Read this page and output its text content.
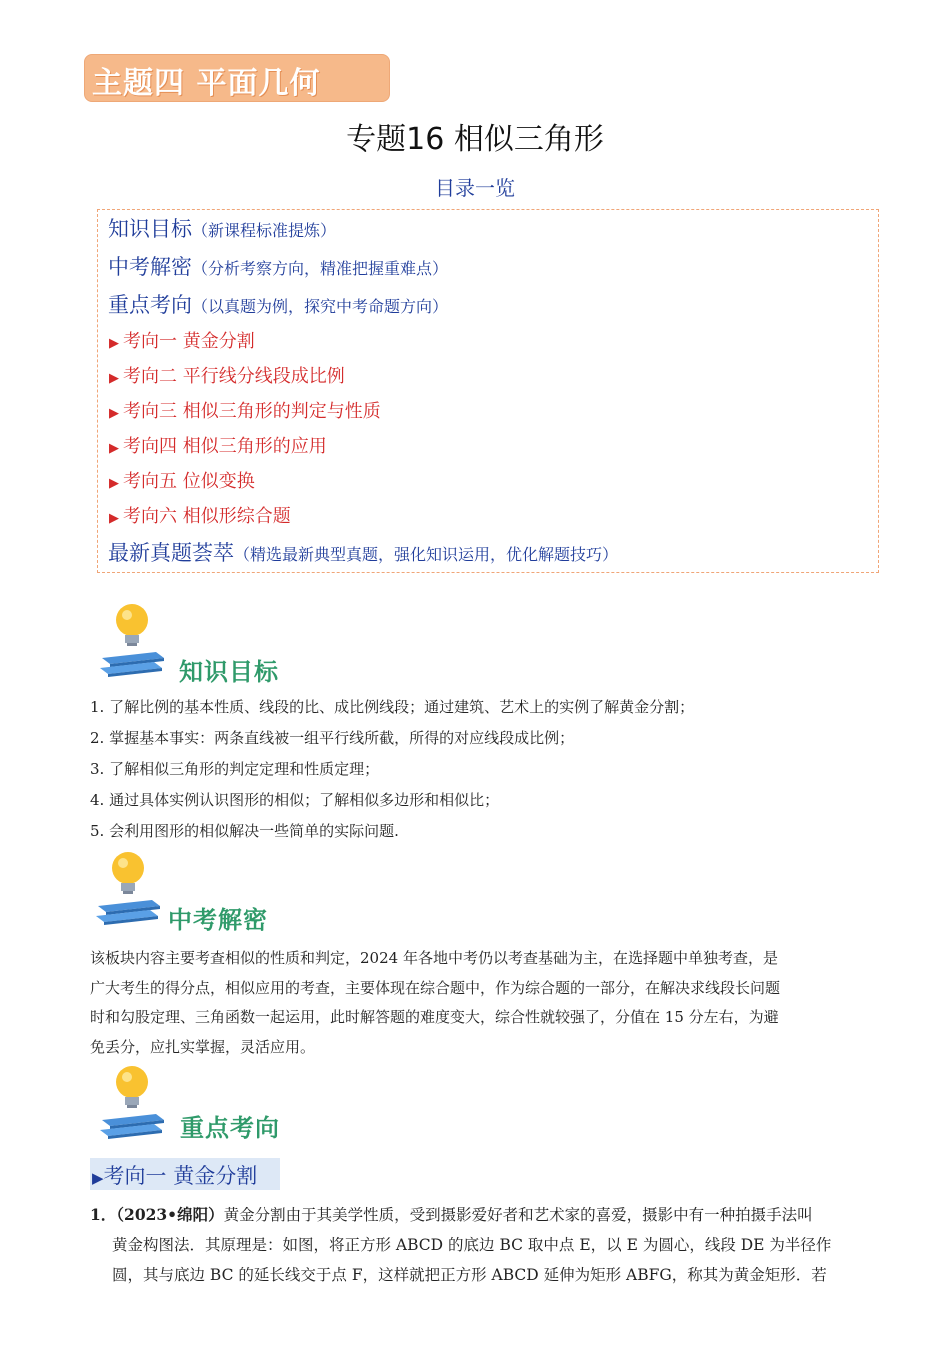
主题四 平面几何
专题16 相似三角形
目录一览
知识目标（新课程标准提炼）
中考解密（分析考察方向，精准把握重难点）
重点考向（以真题为例，探究中考命题方向）
▶ 考向一 黄金分割
▶ 考向二 平行线分线段成比例
▶ 考向三 相似三角形的判定与性质
▶ 考向四 相似三角形的应用
▶ 考向五 位似变换
▶ 考向六 相似形综合题
最新真题荟萃（精选最新典型真题，强化知识运用，优化解题技巧）
知识目标
1. 了解比例的基本性质、线段的比、成比例线段；通过建筑、艺术上的实例了解黄金分割；
2. 掌握基本事实：两条直线被一组平行线所截，所得的对应线段成比例；
3. 了解相似三角形的判定定理和性质定理；
4. 通过具体实例认识图形的相似；了解相似多边形和相似比；
5. 会利用图形的相似解决一些简单的实际问题.
中考解密
该板块内容主要考查相似的性质和判定，2024 年各地中考仍以考查基础为主，在选择题中单独考查，是
广大考生的得分点，相似应用的考查，主要体现在综合题中，作为综合题的一部分，在解决求线段长问题
时和勾股定理、三角函数一起运用，此时解答题的难度变大，综合性就较强了，分值在 15 分左右，为避
免丢分，应扎实掌握，灵活应用。
重点考向
▶考向一 黄金分割
1．（2023•绵阳）黄金分割由于其美学性质，受到摄影爱好者和艺术家的喜爱，摄影中有一种拍摄手法叫
黄金构图法．其原理是：如图，将正方形 ABCD 的底边 BC 取中点 E，以 E 为圆心，线段 DE 为半径作
圆，其与底边 BC 的延长线交于点 F，这样就把正方形 ABCD 延伸为矩形 ABFG，称其为黄金矩形．若
